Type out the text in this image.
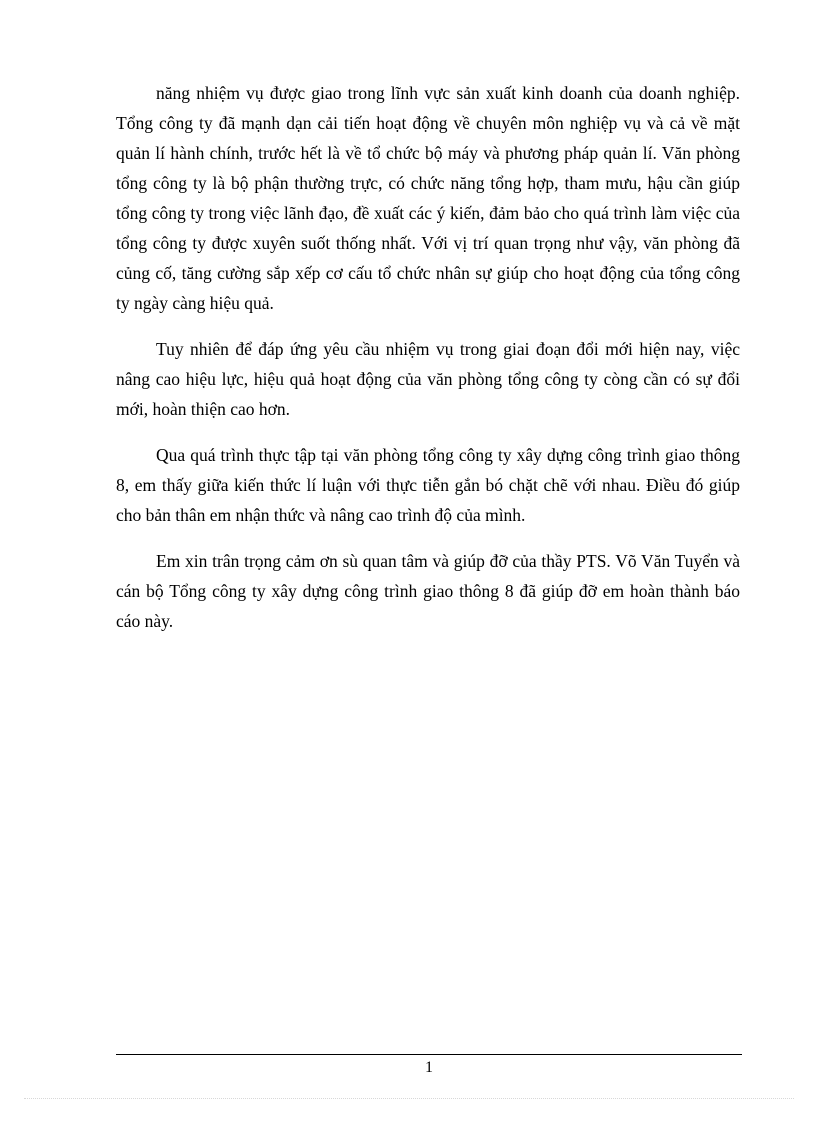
năng nhiệm vụ được giao trong lĩnh vực sản xuất kinh doanh của doanh nghiệp. Tổng công ty đã mạnh dạn cải tiến hoạt động về chuyên môn nghiệp vụ và cả về mặt quản lí hành chính, trước hết là về tổ chức bộ máy và phương pháp quản lí. Văn phòng tổng công ty là bộ phận thường trực, có chức năng tổng hợp, tham mưu, hậu cần giúp tổng công ty trong việc lãnh đạo, đề xuất các ý kiến, đảm bảo cho quá trình làm việc của tổng công ty được xuyên suốt thống nhất. Với vị trí quan trọng như vậy, văn phòng đã củng cố, tăng cường sắp xếp cơ cấu tổ chức nhân sự giúp cho hoạt động của tổng công ty ngày càng hiệu quả.

Tuy nhiên để đáp ứng yêu cầu nhiệm vụ trong giai đoạn đổi mới hiện nay, việc nâng cao hiệu lực, hiệu quả hoạt động của văn phòng tổng công ty còng cần có sự đổi mới, hoàn thiện cao hơn.

Qua quá trình thực tập tại văn phòng tổng công ty xây dựng công trình giao thông 8, em thấy giữa kiến thức lí luận với thực tiễn gắn bó chặt chẽ với nhau. Điều đó giúp cho bản thân em nhận thức và nâng cao trình độ của mình.

Em xin trân trọng cảm ơn sù quan tâm và giúp đỡ của thầy PTS. Võ Văn Tuyển và cán bộ Tổng công ty xây dựng công trình giao thông 8 đã giúp đỡ em hoàn thành báo cáo này.

1
